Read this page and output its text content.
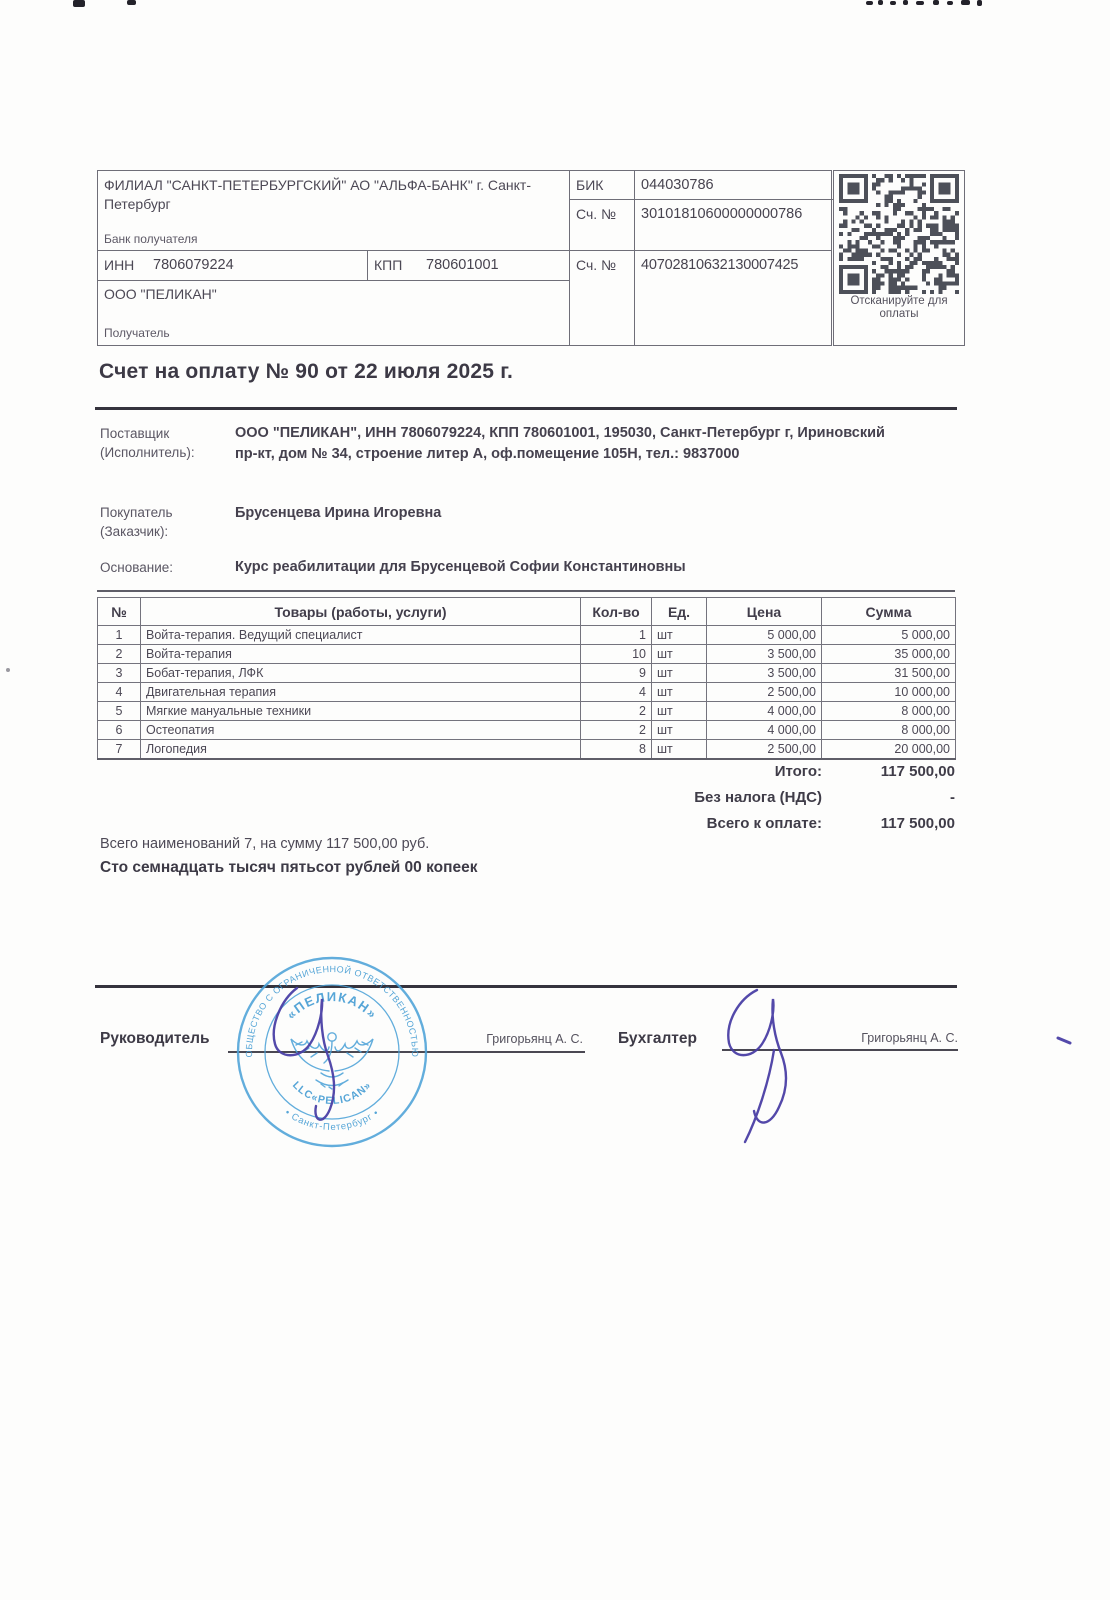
ФИЛИАЛ "САНКТ-ПЕТЕРБУРГСКИЙ" АО "АЛЬФА-БАНК" г. Санкт-Петербург
Банк получателя
БИК	044030786
Сч. № 30101810600000000786
ИНН 7806079224	КПП 780601001	Сч. № 40702810632130007425
ООО "ПЕЛИКАН"
Получатель
Отсканируйте для
оплаты
Счет на оплату № 90 от 22 июля 2025 г.
Поставщик
(Исполнитель):
ООО "ПЕЛИКАН", ИНН 7806079224, КПП 780601001, 195030, Санкт-Петербург г, Ириновский пр-кт, дом № 34, строение литер А, оф.помещение 105Н, тел.: 9837000
Покупатель
(Заказчик):
Брусенцева Ирина Игоревна
Основание:	Курс реабилитации для Брусенцевой Софии Константиновны
№	Товары (работы, услуги)	Кол-во	Ед.	Цена	Сумма
1	Войта-терапия. Ведущий специалист	1	шт	5 000,00	5 000,00
2	Войта-терапия	10	шт	3 500,00	35 000,00
3	Бобат-терапия, ЛФК	9	шт	3 500,00	31 500,00
4	Двигательная терапия	4	шт	2 500,00	10 000,00
5	Мягкие мануальные техники	2	шт	4 000,00	8 000,00
6	Остеопатия	2	шт	4 000,00	8 000,00
7	Логопедия	8	шт	2 500,00	20 000,00
Итого:	117 500,00
Без налога (НДС)	-
Всего к оплате:	117 500,00
Всего наименований 7, на сумму 117 500,00 руб.
Сто семнадцать тысяч пятьсот рублей 00 копеек
Руководитель	Григорьянц А. С. Бухгалтер	Григорьянц А. С.
ОБЩЕСТВО С ОГРАНИЧЕННОЙ ОТВЕТСТВЕННОСТЬЮ
• Санкт-Петербург •
«ПЕЛИКАН»
LLC«PELICAN»
